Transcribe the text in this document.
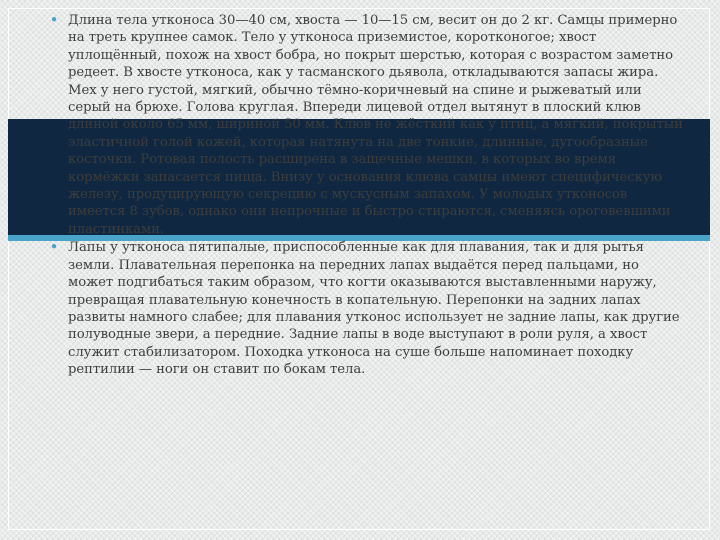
• Длина тела утконоса 30—40 см, хвоста — 10—15 см, весит он до 2 кг. Самцы примерно на треть крупнее самок. Тело у утконоса приземистое, коротконогое; хвост уплощённый, похож на хвост бобра, но покрыт шерстью, которая с возрастом заметно редеет. В хвосте утконоса, как у тасманского дьявола, откладываются запасы жира. Мех у него густой, мягкий, обычно тёмно-коричневый на спине и рыжеватый или серый на брюхе. Голова круглая. Впереди лицевой отдел вытянут в плоский клюв длиной около 65 мм, шириной 50 мм. Клюв не жёсткий как у птиц, а мягкий, покрытый эластичной голой кожей, которая натянута на две тонкие, длинные, дугообразные косточки. Ротовая полость расширена в защечные мешки, в которых во время кормёжки запасается пища. Внизу у основания клюва самцы имеют специфическую железу, продуцирующую секрецию с мускусным запахом. У молодых утконосов имеется 8 зубов, однако они непрочные и быстро стираются, сменяясь ороговевшими пластинками.
• Лапы у утконоса пятипалые, приспособленные как для плавания, так и для рытья земли. Плавательная перепонка на передних лапах выдаётся перед пальцами, но может подгибаться таким образом, что когти оказываются выставленными наружу, превращая плавательную конечность в копательную. Перепонки на задних лапах развиты намного слабее; для плавания утконос использует не задние лапы, как другие полуводные звери, а передние. Задние лапы в воде выступают в роли руля, а хвост служит стабилизатором. Походка утконоса на суше больше напоминает походку рептилии — ноги он ставит по бокам тела.
